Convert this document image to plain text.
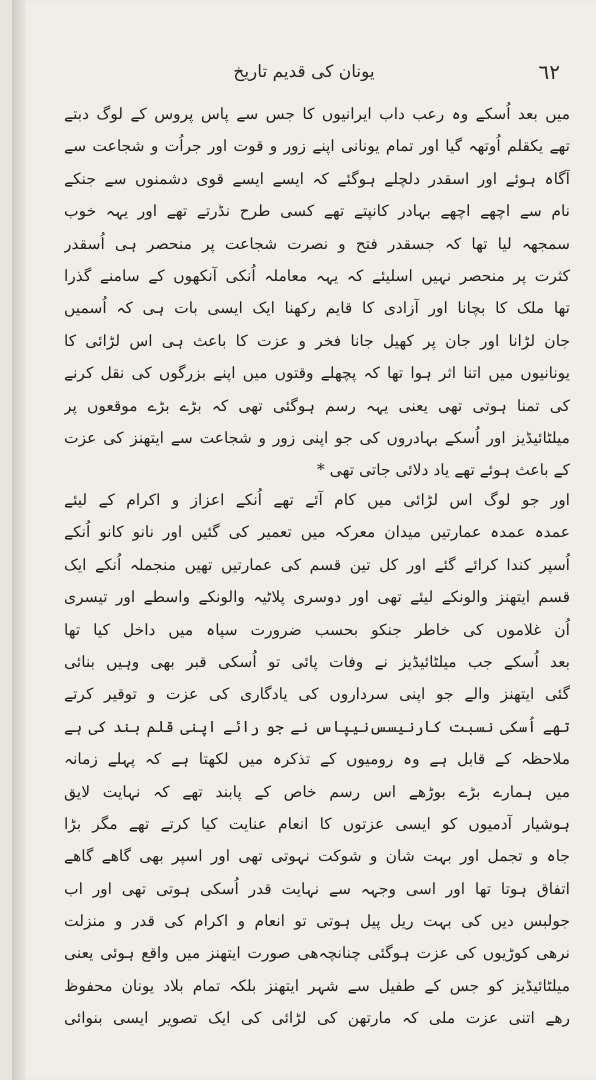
یونان کی قدیم تاریخ	٦٢
میں بعد اُسکے وہ رعب داب ایرانیوں کا جس سے پاس پروس کے لوگ دبتے
تھے یکقلم اُوتھہ گیا اور تمام یونانی اپنے زور و قوت اور جراُت و شجاعت سے
آگاہ ہوئے اور اسقدر دلچلے ہوگئے کہ ایسے ایسے قوی دشمنوں سے جنکے
نام سے اچھے اچھے بہادر کانپتے تھے کسی طرح نڈرتے تھے اور یہہ خوب
سمجھہ لیا تھا کہ جسقدر فتح و نصرت شجاعت پر منحصر ہی اُسقدر
کثرت پر منحصر نہیں اسلیئے کہ یہہ معاملہ اُنکی آنکھوں کے سامنے گذرا
تھا ملک کا بچانا اور آزادی کا قایم رکھنا ایک ایسی بات ہی کہ اُسمیں
جان لڑانا اور جان پر کھیل جانا فخر و عزت کا باعث ہی اس لڑائی کا
یونانیوں میں اتنا اثر ہوا تھا کہ پچھلے وقتوں میں اپنے بزرگوں کی نقل کرنے
کی تمنا ہوتی تھی یعنی یہہ رسم ہوگئی تھی کہ بڑے بڑے موقعوں پر
میلٹائیڈیز اور اُسکے بہادروں کی جو اپنی زور و شجاعت سے ایتھنز کی عزت
کے باعث ہوئے تھے یاد دلائی جاتی تھی *
اور جو لوگ اس لڑائی میں کام آئے تھے اُنکے اعزاز و اکرام کے لیئے
عمدہ عمدہ عمارتیں میدان معرکہ میں تعمیر کی گئیں اور نانو کانو اُنکے
اُسپر کندا کرائے گئے اور کل تین قسم کی عمارتیں تھیں منجملہ اُنکے ایک
قسم ایتھنز والونکے لیئے تھی اور دوسری پلاٹیہ والونکے واسطے اور تیسری
اُن غلاموں کی خاطر جنکو بحسب ضرورت سپاہ میں داخل کیا تھا
بعد اُسکے جب میلٹائیڈیز نے وفات پائی تو اُسکی قبر بھی وہیں بنائی
گئی ایتھنز والے جو اپنی سرداروں کی یادگاری کی عزت و توقیر کرتے
تھے اُسکی نسبت کارنیسس‌نیپاس نے جو رائے اپنی قلم بند کی ہے
ملاحظہ کے قابل ہے وہ رومیوں کے تذکرہ میں لکھتا ہے کہ پہلے زمانہ
میں ہمارے بڑے بوڑھے اس رسم خاص کے پابند تھے کہ نہایت لایق
ہوشیار آدمیوں کو ایسی عزتوں کا انعام عنایت کیا کرتے تھے مگر بڑا
جاہ و تجمل اور بہت شان و شوکت نہوتی تھی اور اسپر بھی گاھے گاھے
اتفاق ہوتا تھا اور اسی وجہہ سے نہایت قدر اُسکی ہوتی تھی اور اب
جو‌لبس دیں کی بہت ریل پیل ہوتی تو انعام و اکرام کی قدر و منزلت
نرھی کوڑیوں کی عزت ہوگئی چنانچہ‌ھی صورت ایتھنز میں واقع ہوئی یعنی
میلٹائیڈیز کو جس کے طفیل سے شہر ایتھنز بلکہ تمام بلاد یونان محفوظ
رھے اتنی عزت ملی کہ مارتھن کی لڑائی کی ایک تصویر ایسی بنوائی
